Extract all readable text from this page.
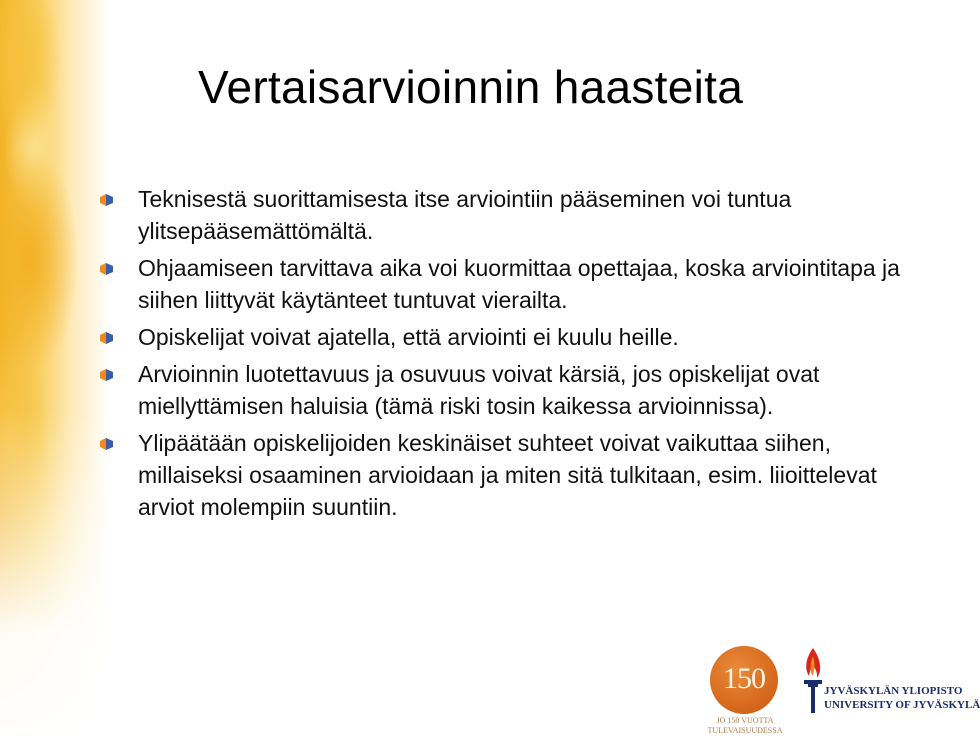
Vertaisarvioinnin haasteita
Teknisestä suorittamisesta itse arviointiin pääseminen voi tuntua ylitsepääsemättömältä.
Ohjaamiseen tarvittava aika voi kuormittaa opettajaa, koska arviointitapa ja siihen liittyvät käytänteet tuntuvat vierailta.
Opiskelijat voivat ajatella, että arviointi ei kuulu heille.
Arvioinnin luotettavuus ja osuvuus voivat kärsiä, jos opiskelijat ovat miellyttämisen haluisia (tämä riski tosin kaikessa arvioinnissa).
Ylipäätään opiskelijoiden keskinäiset suhteet voivat vaikuttaa siihen, millaiseksi osaaminen arvioidaan ja miten sitä tulkitaan, esim. liioittelevat arviot molempiin suuntiin.
150
JO 150 VUOTTA
TULEVAISUUDESSA
JYVÄSKYLÄN YLIOPISTO
UNIVERSITY OF JYVÄSKYLÄ
